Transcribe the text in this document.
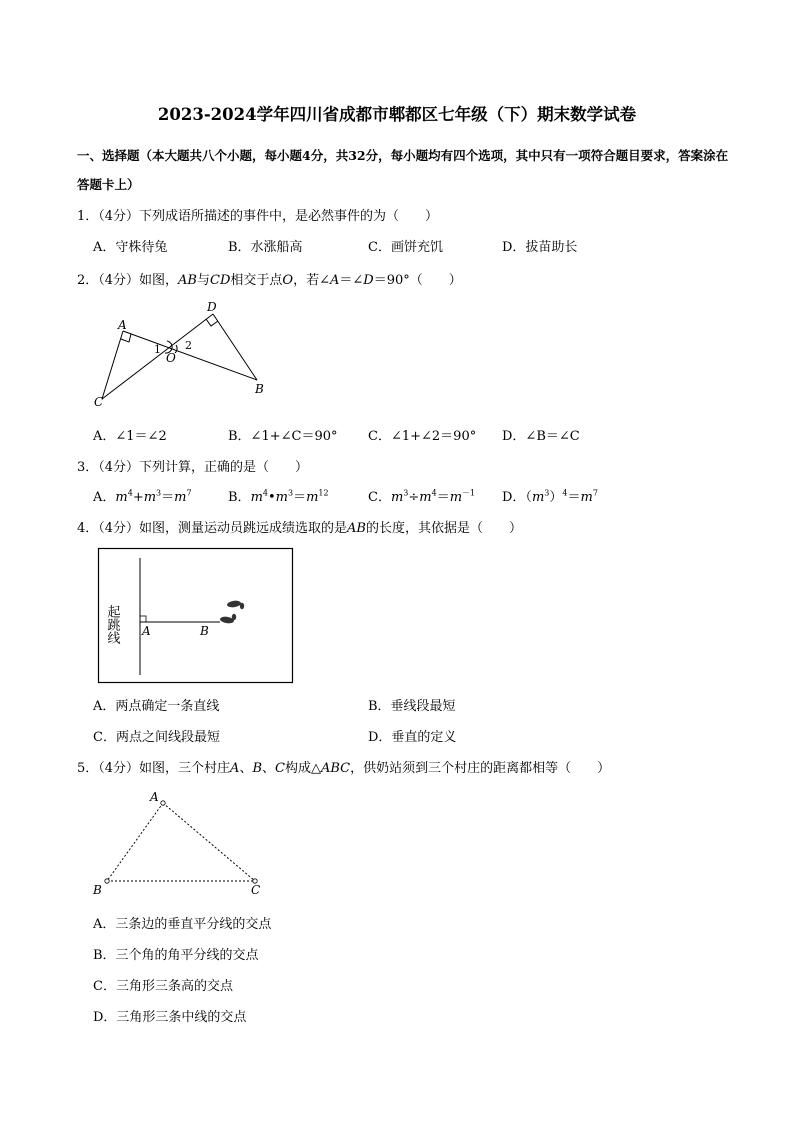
2023-2024学年四川省成都市郫都区七年级（下）期末数学试卷
一、选择题（本大题共八个小题，每小题4分，共32分，每小题均有四个选项，其中只有一项符合题目要求，答案涂在答题卡上）
1．（4分）下列成语所描述的事件中，是必然事件的为（　　）
A．守株待兔	B．水涨船高	C．画饼充饥	D．拔苗助长
2．（4分）如图，AB与CD相交于点O，若∠A＝∠D＝90°（　　）
A
D
C
B
O
1 2
A．∠1＝∠2	B．∠1+∠C＝90° C．∠1+∠2＝90° D．∠B＝∠C
3．（4分）下列计算，正确的是（　　）
A．$m^4+m^3=m^7$	B．$m^4•m^3=m^{12}$	C．$m^3\div m^4=m^{-1}$ D．$(m^3)^4=m^7$
4．（4分）如图，测量运动员跳远成绩选取的是AB的长度，其依据是（　　）
起跳线 A	B
A．两点确定一条直线	B．垂线段最短
C．两点之间线段最短	D．垂直的定义
5．（4分）如图，三个村庄A、B、C构成△ABC，供奶站须到三个村庄的距离都相等（　　）
A
B	C
A．三条边的垂直平分线的交点
B．三个角的角平分线的交点
C．三角形三条高的交点
D．三角形三条中线的交点
